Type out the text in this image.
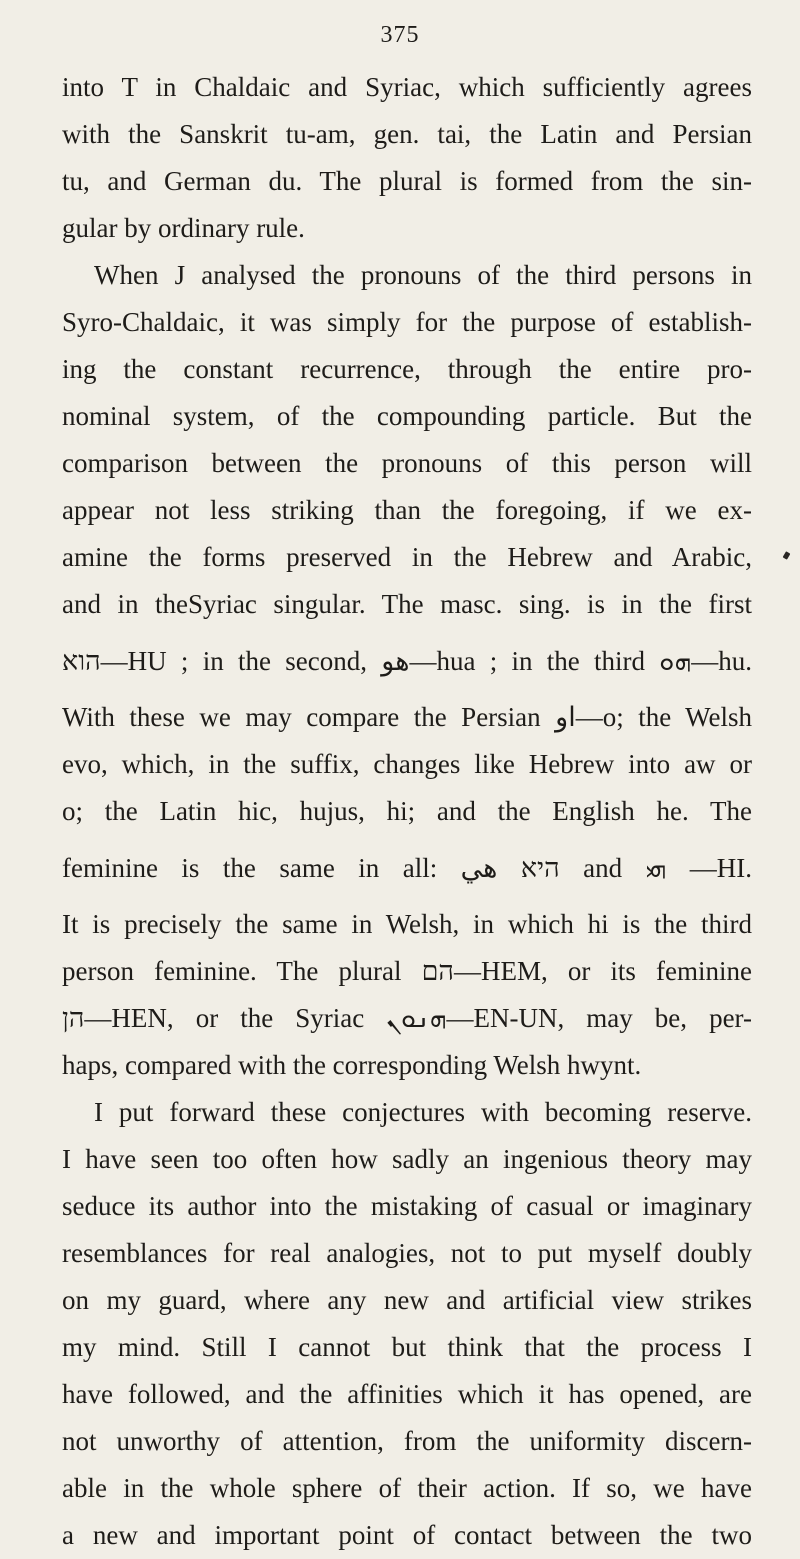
375
into T in Chaldaic and Syriac, which sufficiently agrees
with the Sanskrit tu-am, gen. tai, the Latin and Persian
tu, and German du. The plural is formed from the sin-
gular by ordinary rule.
When J analysed the pronouns of the third persons in
Syro-Chaldaic, it was simply for the purpose of establish-
ing the constant recurrence, through the entire pro-
nominal system, of the compounding particle. But the
comparison between the pronouns of this person will
appear not less striking than the foregoing, if we ex-
amine the forms preserved in the Hebrew and Arabic,
and in theSyriac singular. The masc. sing. is in the first
הוא—HU ; in the second, هو—hua ; in the third ܗܘ—hu.
With these we may compare the Persian او—o; the Welsh
evo, which, in the suffix, changes like Hebrew into aw or
o; the Latin hic, hujus, hi; and the English he. The
feminine is the same in all: היא هي and ܗܝ —HI.
It is precisely the same in Welsh, in which hi is the third
person feminine. The plural הם—HEM, or its feminine
הן—HEN, or the Syriac ܗܢܘܢ—EN-UN, may be, per-
haps, compared with the corresponding Welsh hwynt.
I put forward these conjectures with becoming reserve.
I have seen too often how sadly an ingenious theory may
seduce its author into the mistaking of casual or imaginary
resemblances for real analogies, not to put myself doubly
on my guard, where any new and artificial view strikes
my mind. Still I cannot but think that the process I
have followed, and the affinities which it has opened, are
not unworthy of attention, from the uniformity discern-
able in the whole sphere of their action. If so, we have
a new and important point of contact between the two
